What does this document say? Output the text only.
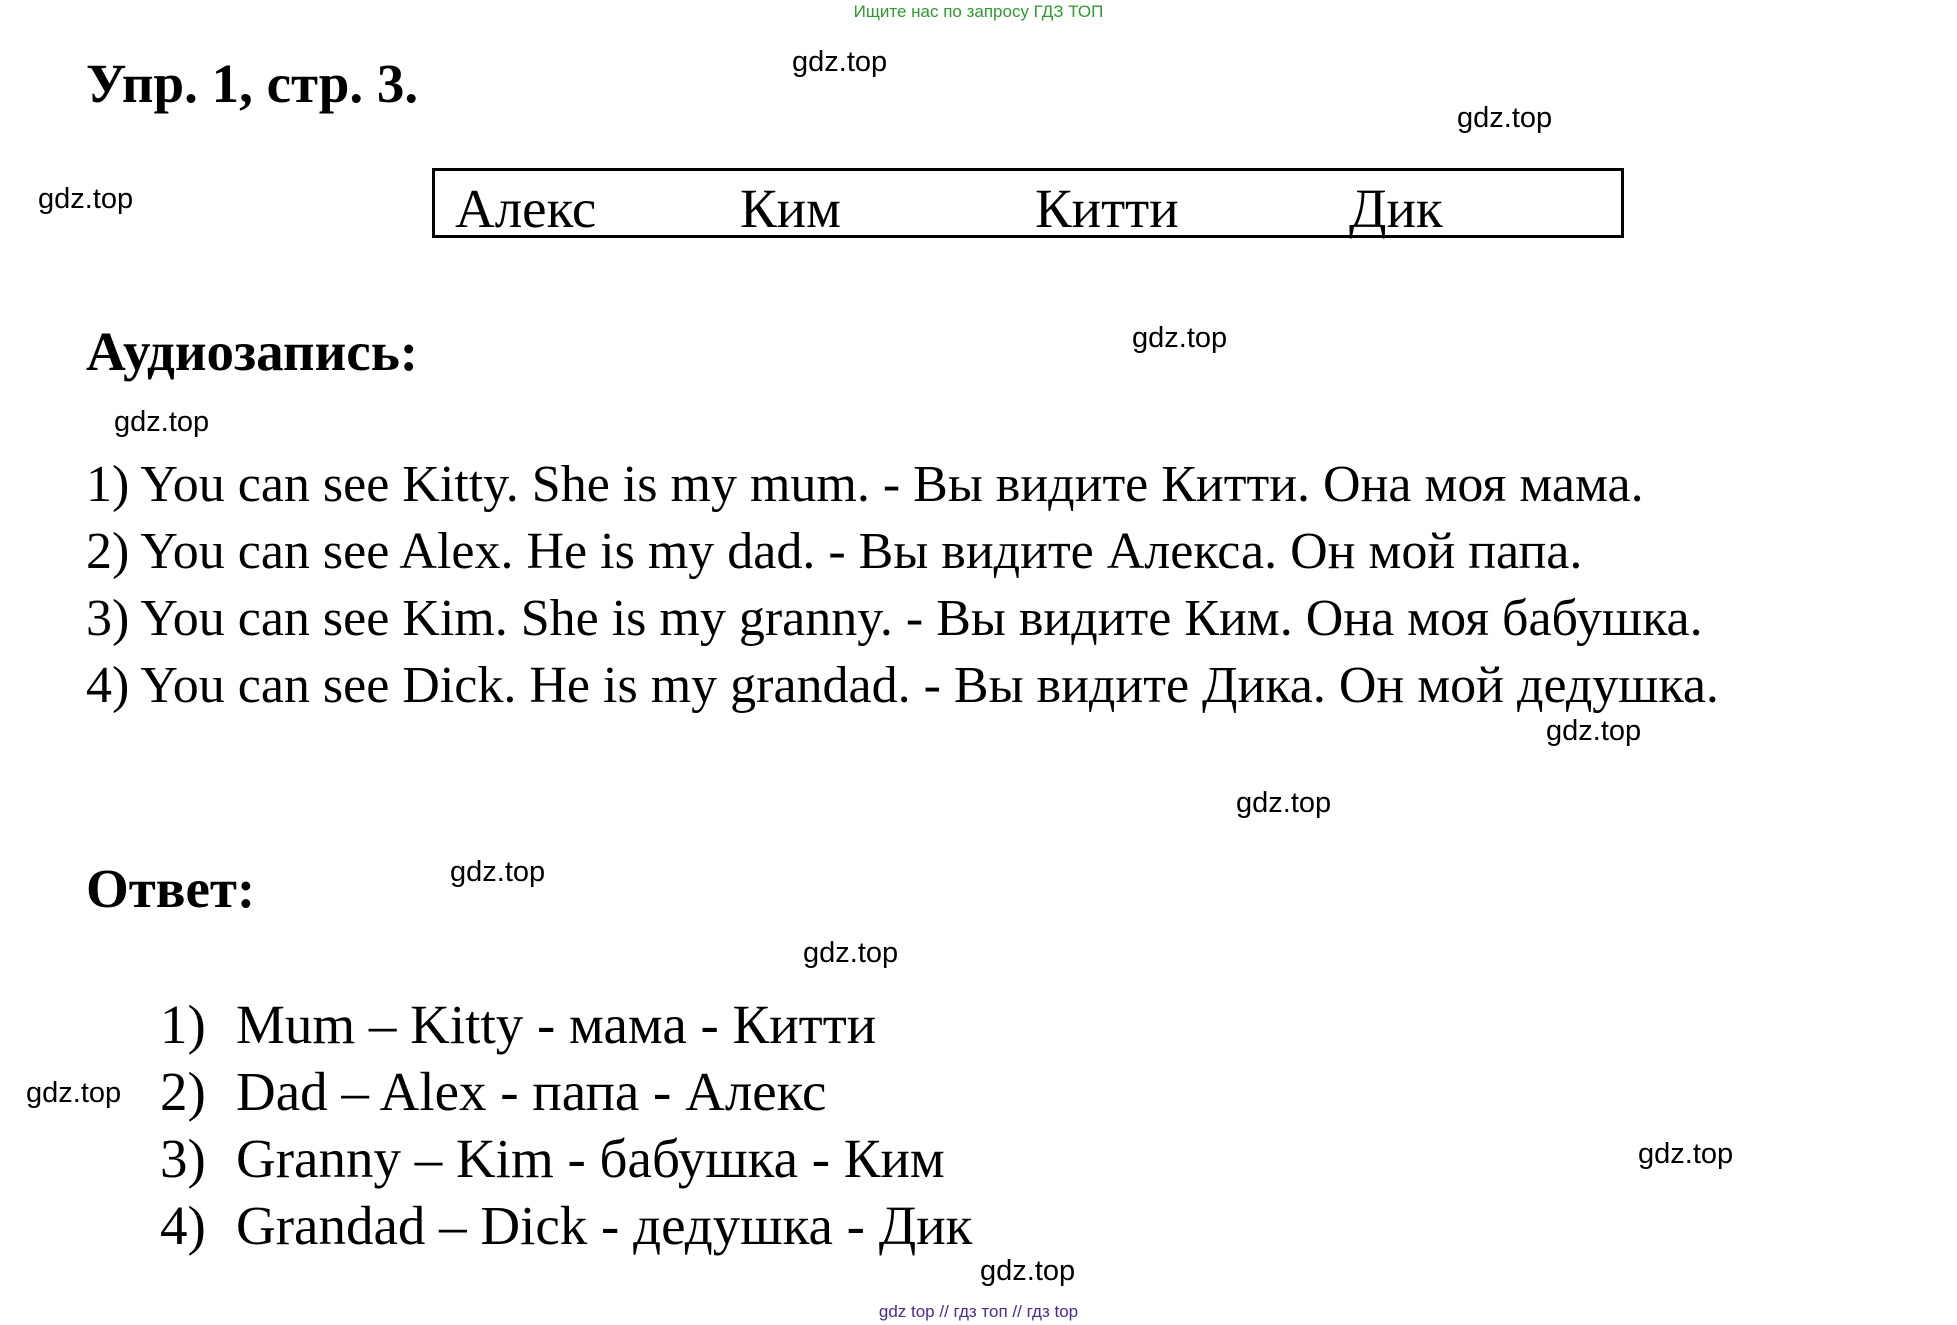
Ищите нас по запросу ГДЗ ТОП
Упр. 1, стр. 3.	gdz.top
gdz.top
gdz.top
gdz.top
gdz.top
gdz.top
gdz.top
gdz.top
gdz.top
gdz.top
gdz.top
gdz.top
Алекс	Ким	Китти	Дик
Аудиозапись:
1) You can see Kitty. She is my mum. - Вы видите Китти. Она моя мама.
2) You can see Alex. He is my dad. - Вы видите Алекса. Он мой папа.
3) You can see Kim. She is my granny. - Вы видите Ким. Она моя бабушка.
4) You can see Dick. He is my grandad. - Вы видите Дика. Он мой дедушка.
Ответ:
1) Mum – Kitty - мама - Китти
2) Dad – Alex - папа - Алекс
3) Granny – Kim - бабушка - Ким
4) Grandad – Dick - дедушка - Дик
gdz top // гдз топ // гдз top
